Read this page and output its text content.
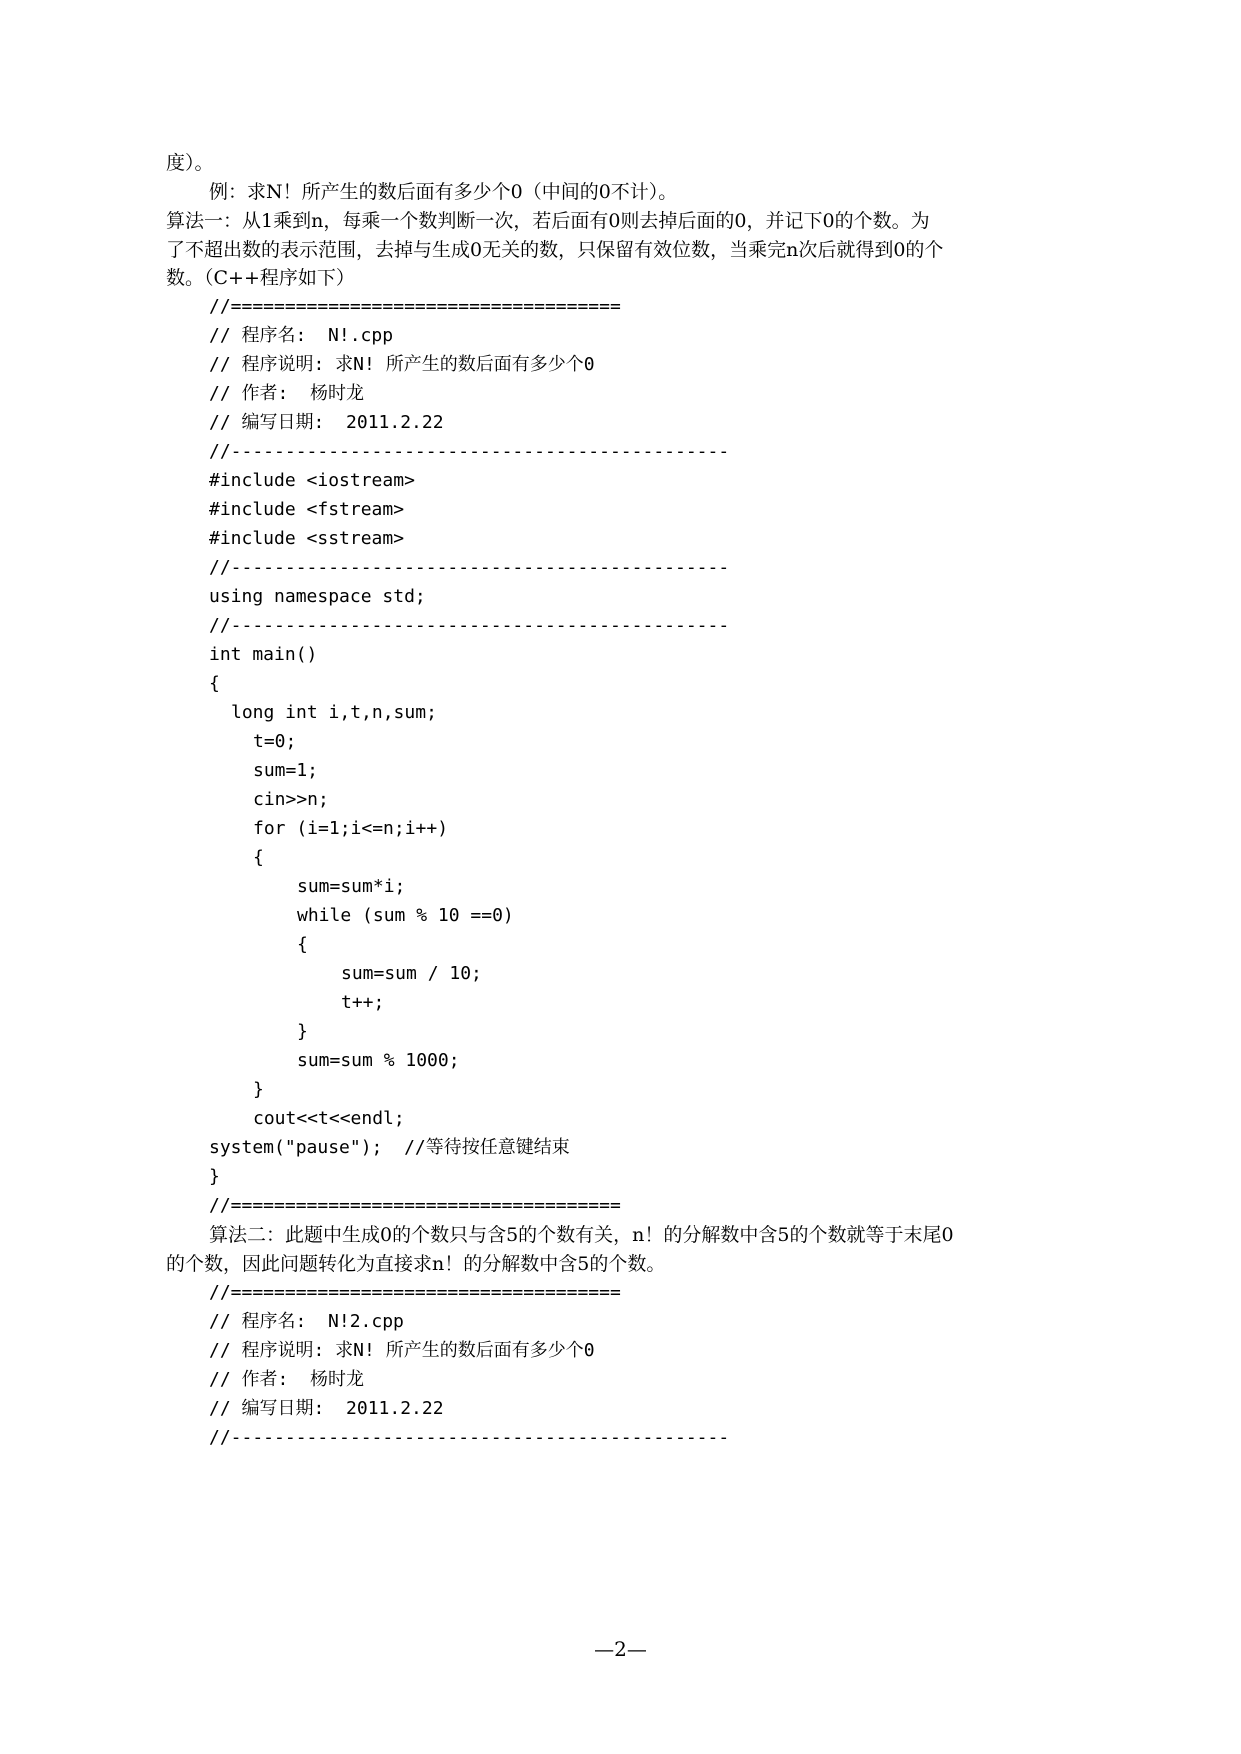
度）。
例：求N！所产生的数后面有多少个0（中间的0不计）。
算法一：从1乘到n，每乘一个数判断一次，若后面有0则去掉后面的0，并记下0的个数。为
了不超出数的表示范围，去掉与生成0无关的数，只保留有效位数，当乘完n次后就得到0的个
数。（C++程序如下）
//====================================
// 程序名:  N!.cpp
// 程序说明: 求N! 所产生的数后面有多少个0
// 作者:  杨时龙
// 编写日期:  2011.2.22
//----------------------------------------------
#include <iostream>
#include <fstream>
#include <sstream>
//----------------------------------------------
using namespace std;
//----------------------------------------------
int main()
{
long int i,t,n,sum;
t=0;
sum=1;
cin>>n;
for (i=1;i<=n;i++)
{
sum=sum*i;
while (sum % 10 ==0)
{
sum=sum / 10;
t++;
}
sum=sum % 1000;
}
cout<<t<<endl;
system("pause");  //等待按任意键结束
}
//====================================
算法二：此题中生成0的个数只与含5的个数有关，n！的分解数中含5的个数就等于末尾0
的个数，因此问题转化为直接求n！的分解数中含5的个数。
//====================================
// 程序名:  N!2.cpp
// 程序说明: 求N! 所产生的数后面有多少个0
// 作者:  杨时龙
// 编写日期:  2011.2.22
//----------------------------------------------
—2—
